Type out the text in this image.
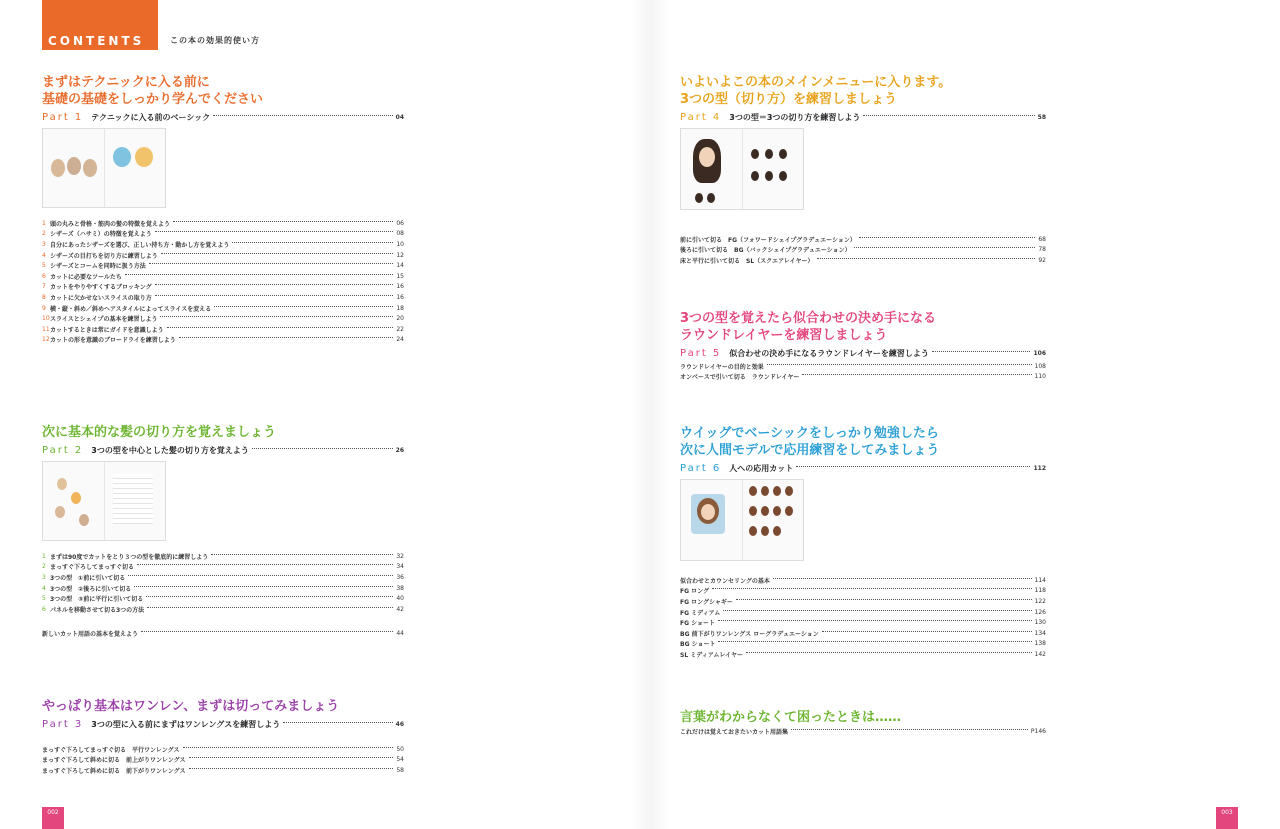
CONTENTS	この本の効果的使い方
まずはテクニックに入る前に
基礎の基礎をしっかり学んでください
Part 1 テクニックに入る前のベーシック	04
1 頭の丸みと骨格・筋肉の髪の特徴を覚えよう	06
2 シザーズ（ハサミ）の特徴を覚えよう	08
3 自分にあったシザーズを選び、正しい持ち方・動かし方を覚えよう	10
4 シザーズの目打ちを切り方に練習しよう	12
5 シザーズとコームを同時に扱う方法	14
6 カットに必要なツールたち	15
7 カットをやりやすくするブロッキング	16
8 カットに欠かせないスライスの取り方	16
9 横・縦・斜め／斜めヘアスタイルによってスライスを変える	18
10 スライスとシェイプの基本を練習しよう	20
11 カットするときは常にガイドを意識しよう	22
12 カットの形を意識のブロードライを練習しよう	24
次に基本的な髪の切り方を覚えましょう
Part 2 3つの型を中心とした髪の切り方を覚えよう	26
1 まずは90度でカットをとり３つの型を徹底的に練習しよう	32
2 まっすぐ下ろしてまっすぐ切る	34
3 3つの型　①前に引いて切る	36
4 3つの型　②後ろに引いて切る	38
5 3つの型　③前に平行に引いて切る	40
6 パネルを移動させて切る3つの方法	42
新しいカット用語の基本を覚えよう	44
やっぱり基本はワンレン、まずは切ってみましょう
Part 3 3つの型に入る前にまずはワンレングスを練習しよう	46
まっすぐ下ろしてまっすぐ切る　平行ワンレングス	50
まっすぐ下ろして斜めに切る　前上がりワンレングス	54
まっすぐ下ろして斜めに切る　前下がりワンレングス	58
002
いよいよこの本のメインメニューに入ります。
3つの型（切り方）を練習しましょう
Part 4 3つの型＝3つの切り方を練習しよう	58
前に引いて切る　FG（フォワードシェイプグラデュエーション）	68
後ろに引いて切る　BG（バックシェイプグラデュエーション）	78
床と平行に引いて切る　SL（スクエアレイヤー）	92
3つの型を覚えたら似合わせの決め手になる
ラウンドレイヤーを練習しましょう
Part 5 似合わせの決め手になるラウンドレイヤーを練習しよう	106
ラウンドレイヤーの目的と効果	108
オンベースで引いて切る　ラウンドレイヤー	110
ウイッグでベーシックをしっかり勉強したら
次に人間モデルで応用練習をしてみましょう
Part 6 人への応用カット	112
似合わせとカウンセリングの基本	114
FG ロング	118
FG ロングシャギー	122
FG ミディアム	126
FG ショート	130
BG 前下がりワンレングス ローグラデュエーション	134
BG ショート	138
SL ミディアムレイヤー	142
言葉がわからなくて困ったときは……
これだけは覚えておきたいカット用語集	P146
003
